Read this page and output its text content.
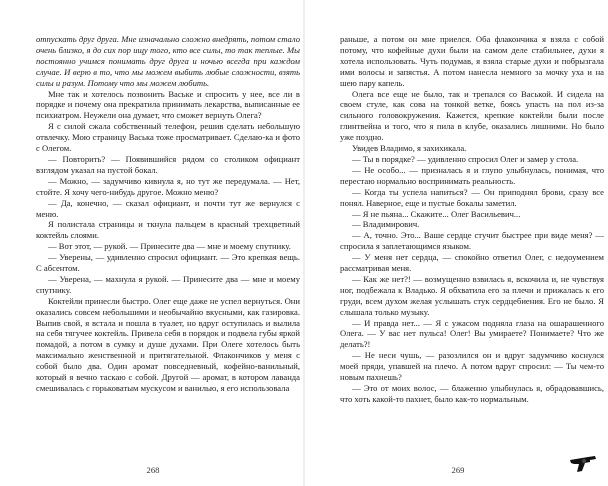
отпускать друг друга. Мне изначально сложно внедрять, потом стало очень близко, я до сих пор ищу того, кто все силы, то так теплые. Мы постоянно учимся понимать друг друга и ночью всегда при каждом случае. И верю в то, что мы можем выбить любые сложности, взять силы и разум. Потому что мы можем любить.

Мне так и хотелось позвонить Ваське и спросить у нее, все ли в порядке и почему она прекратила принимать лекарства, выписанные ее психиатром. Неужели она думает, что сможет вернуть Олега?

Я с силой сжала собственный телефон, решив сделать небольшую отвлечку. Мою страницу Васька тоже просматривает. Сделаю-ка и фото с Олегом.

— Повторить? — Появившийся рядом со столиком официант взглядом указал на пустой бокал.

— Можно, — задумчиво кивнула я, но тут же передумала. — Нет, стойте. Я хочу чего-нибудь другое. Можно меню?

— Да, конечно, — сказал официант, и почти тут же вернулся с меню.

Я полистала страницы и ткнула пальцем в красный трехцветный коктейль слоями.

— Вот этот, — рукой. — Принесите два — мне и моему спутнику.

— Уверены, — удивленно спросил официант. — Это крепкая вещь. С абсентом.

— Уверена, — махнула я рукой. — Принесите два — мне и моему спутнику.

Коктейли принесли быстро. Олег еще даже не успел вернуться. Они оказались совсем небольшими и необычайно вкусными, как газировка. Выпив свой, я встала и пошла в туалет, но вдруг оступилась и вылила на себя тягучее коктейль. Привела себя в порядок и подвела губы яркой помадой, а потом в сумку и душе духами. При Олеге хотелось быть максимально женственной и притягательной. Флакончиков у меня с собой было два. Один аромат повседневный, кофейно-ванильный, который я вечно таскаю с собой. Другой — аромат, в котором лаванда смешивалась с горьковатым мускусом и ванилью, я его использовала

268

раньше, а потом он мне приелся. Оба флакончика я взяла с собой потому, что кофейные духи были на самом деле стабильнее, духи я хотела использовать. Чуть подумав, я взяла старые духи и побрызгала ими волосы и запястья. А потом нанесла немного за мочку уха и на шею пару капель.

Олега все еще не было, так и трепался со Васькой. И сидела на своем стуле, как сова на тонкой ветке, боясь упасть на пол из-за сильного головокружения. Кажется, крепкие коктейли были после глинтвейна и того, что я пила в клубе, оказались лишними. Но было уже поздно.

Увидев Владимо, я захихикала.

— Ты в порядке? — удивленно спросил Олег и замер у стола.

— Не особо... — призналась я и глупо улыбнулась, понимая, что перестаю нормально воспринимать реальность.

— Когда ты успела напиться? — Он приподнял брови, сразу все понял. Наверное, еще и пустые бокалы заметил.

— Я не пьяна... Скажите... Олег Васильевич...

— Владимирович.

— А, точно. Это... Ваше сердце стучит быстрее при виде меня? — спросила я заплетающимся языком.

— У меня нет сердца, — спокойно ответил Олег, с недоумением рассматривая меня.

— Как же нет?! — возмущенно взвилась я, вскочила и, не чувствуя ног, подбежала к Владько. Я обхватила его за плечи и прижалась к его груди, всем духом желая услышать стук сердцебиения. Его не было. Я слышала только музыку.

— И правда нет... — Я с ужасом подняла глаза на ошарашенного Олега. — У вас нет пульса! Олег! Вы умираете? Понимаете? Что же делать?!

— Не неси чушь, — разозлился он и вдруг задумчиво коснулся моей пряди, упавшей на плечо. А потом вдруг спросил: — Ты чем-то новым пахнешь?

— Это от моих волос, — блаженно улыбнулась я, обрадовавшись, что хоть какой-то пахнет, было как-то нормальным.

269
